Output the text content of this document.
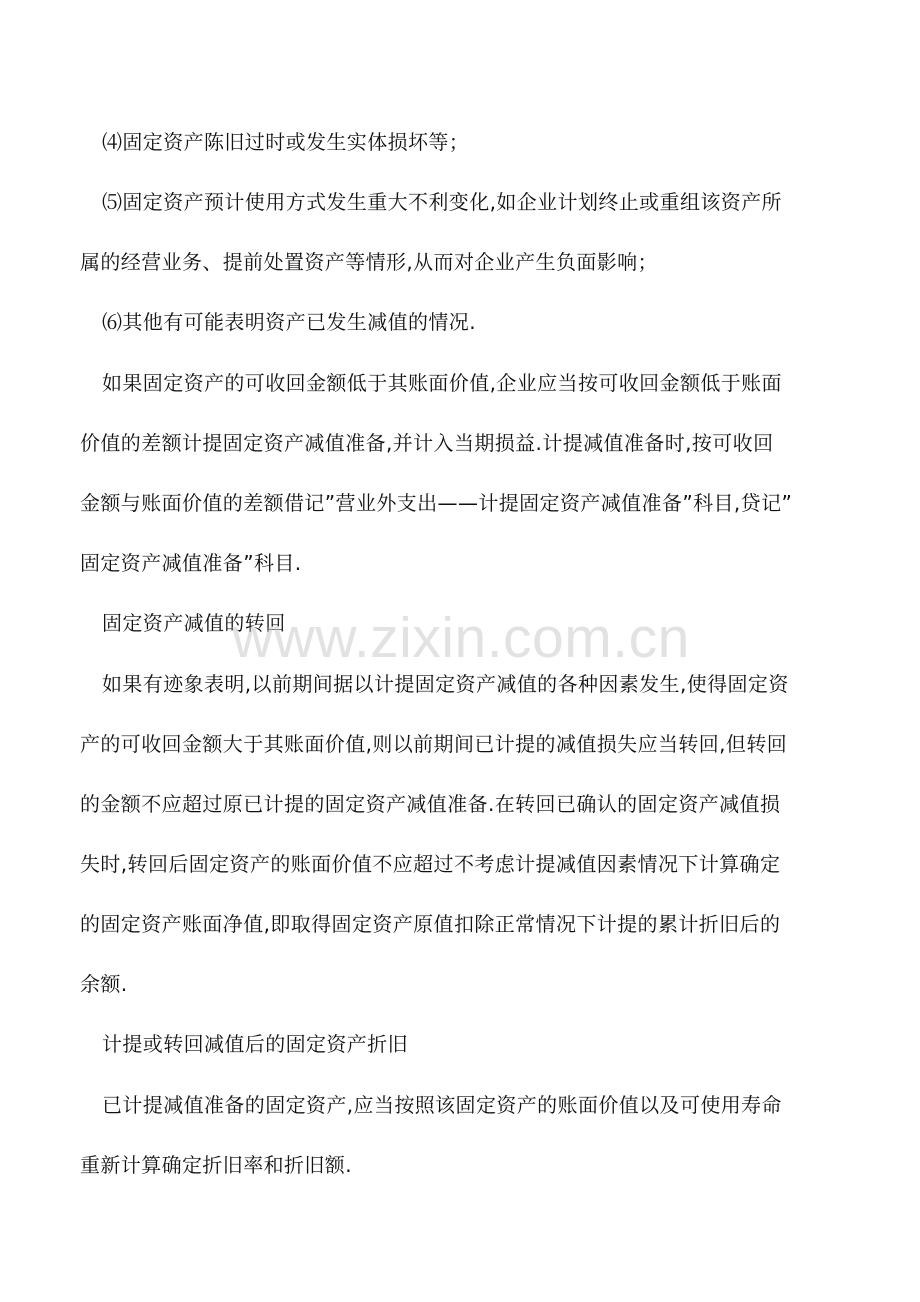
⑷固定资产陈旧过时或发生实体损坏等；
⑸固定资产预计使用方式发生重大不利变化,如企业计划终止或重组该资产所
属的经营业务、提前处置资产等情形,从而对企业产生负面影响；
⑹其他有可能表明资产已发生减值的情况.
如果固定资产的可收回金额低于其账面价值,企业应当按可收回金额低于账面
价值的差额计提固定资产减值准备,并计入当期损益.计提减值准备时,按可收回
金额与账面价值的差额借记”营业外支出——计提固定资产减值准备”科目,贷记”
固定资产减值准备”科目.
固定资产减值的转回
如果有迹象表明,以前期间据以计提固定资产减值的各种因素发生,使得固定资
产的可收回金额大于其账面价值,则以前期间已计提的减值损失应当转回,但转回
的金额不应超过原已计提的固定资产减值准备.在转回已确认的固定资产减值损
失时,转回后固定资产的账面价值不应超过不考虑计提减值因素情况下计算确定
的固定资产账面净值,即取得固定资产原值扣除正常情况下计提的累计折旧后的
余额.
计提或转回减值后的固定资产折旧
已计提减值准备的固定资产,应当按照该固定资产的账面价值以及可使用寿命
重新计算确定折旧率和折旧额.
www.zixin.com.cn
